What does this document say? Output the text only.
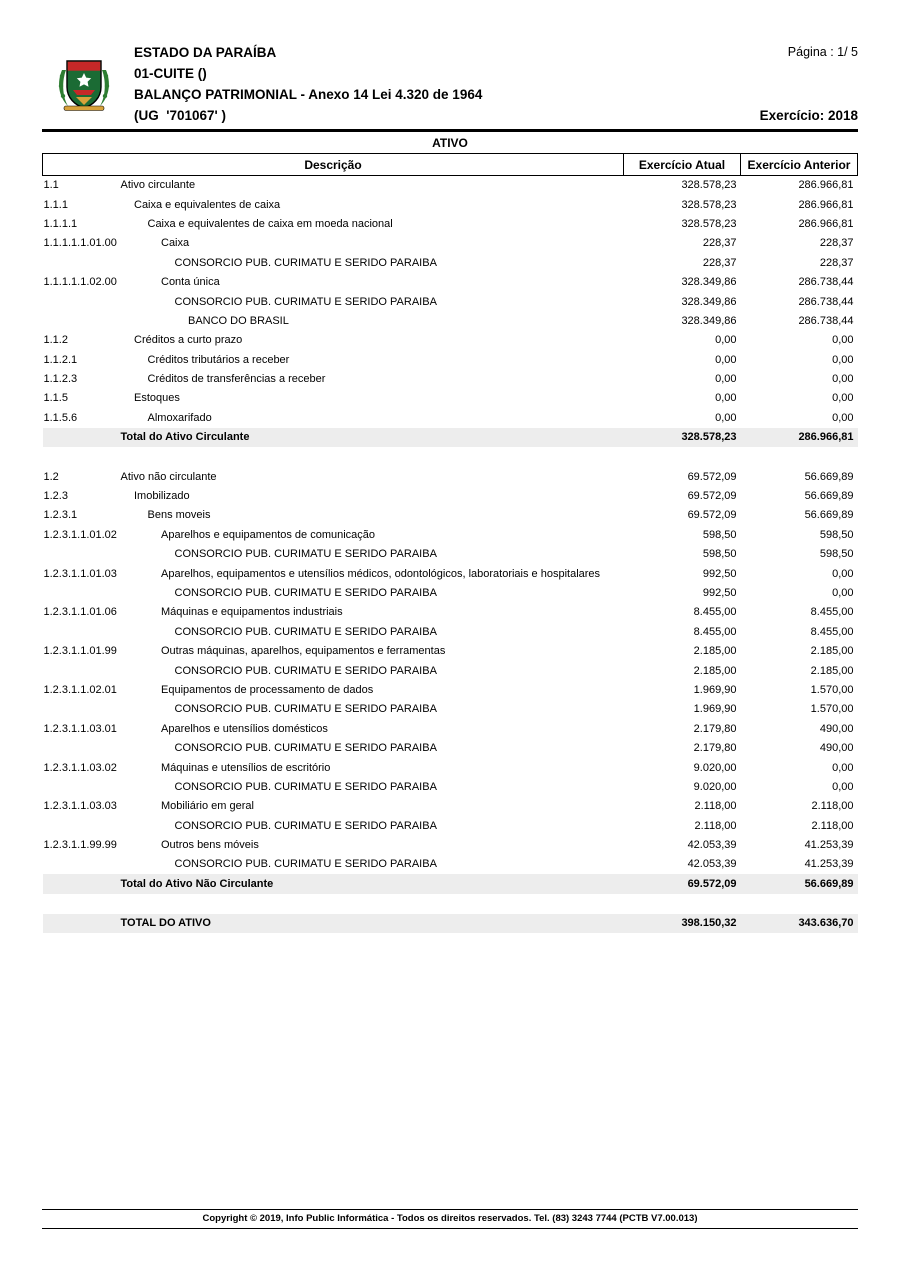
ESTADO DA PARAÍBA
01-CUITE ()
BALANÇO PATRIMONIAL - Anexo 14 Lei 4.320 de 1964
(UG  '701067' )
Página : 1/ 5
Exercício: 2018
ATIVO
Descrição	Exercício Atual	Exercício Anterior

1.1 Ativo circulante	328.578,23	286.966,81

1.1.1 Caixa e equivalentes de caixa	328.578,23	286.966,81

1.1.1.1 Caixa e equivalentes de caixa em moeda nacional	328.578,23	286.966,81

1.1.1.1.1.01.00 Caixa	228,37	228,37

CONSORCIO PUB. CURIMATU E SERIDO PARAIBA	228,37	228,37

1.1.1.1.1.02.00 Conta única	328.349,86	286.738,44

CONSORCIO PUB. CURIMATU E SERIDO PARAIBA	328.349,86	286.738,44

BANCO DO BRASIL	328.349,86	286.738,44

1.1.2 Créditos a curto prazo	0,00	0,00

1.1.2.1 Créditos tributários a receber	0,00	0,00

1.1.2.3 Créditos de transferências a receber	0,00	0,00

1.1.5 Estoques	0,00	0,00

1.1.5.6 Almoxarifado	0,00	0,00

Total do Ativo Circulante	328.578,23	286.966,81

1.2 Ativo não circulante	69.572,09	56.669,89

1.2.3 Imobilizado	69.572,09	56.669,89

1.2.3.1 Bens moveis	69.572,09	56.669,89

1.2.3.1.1.01.02 Aparelhos e equipamentos de comunicação	598,50	598,50

CONSORCIO PUB. CURIMATU E SERIDO PARAIBA	598,50	598,50

1.2.3.1.1.01.03 Aparelhos, equipamentos e utensílios médicos, odontológicos, laboratoriais e hospitalares	992,50	0,00

CONSORCIO PUB. CURIMATU E SERIDO PARAIBA	992,50	0,00

1.2.3.1.1.01.06 Máquinas e equipamentos industriais	8.455,00	8.455,00

CONSORCIO PUB. CURIMATU E SERIDO PARAIBA	8.455,00	8.455,00

1.2.3.1.1.01.99 Outras máquinas, aparelhos, equipamentos e ferramentas	2.185,00	2.185,00

CONSORCIO PUB. CURIMATU E SERIDO PARAIBA	2.185,00	2.185,00

1.2.3.1.1.02.01 Equipamentos de processamento de dados	1.969,90	1.570,00

CONSORCIO PUB. CURIMATU E SERIDO PARAIBA	1.969,90	1.570,00

1.2.3.1.1.03.01 Aparelhos e utensílios domésticos	2.179,80	490,00

CONSORCIO PUB. CURIMATU E SERIDO PARAIBA	2.179,80	490,00

1.2.3.1.1.03.02 Máquinas e utensílios de escritório	9.020,00	0,00

CONSORCIO PUB. CURIMATU E SERIDO PARAIBA	9.020,00	0,00

1.2.3.1.1.03.03 Mobiliário em geral	2.118,00	2.118,00

CONSORCIO PUB. CURIMATU E SERIDO PARAIBA	2.118,00	2.118,00

1.2.3.1.1.99.99 Outros bens móveis	42.053,39	41.253,39

CONSORCIO PUB. CURIMATU E SERIDO PARAIBA	42.053,39	41.253,39

Total do Ativo Não Circulante	69.572,09	56.669,89

TOTAL DO ATIVO	398.150,32	343.636,70
Copyright © 2019, Info Public Informática - Todos os direitos reservados. Tel. (83) 3243 7744 (PCTB V7.00.013)
